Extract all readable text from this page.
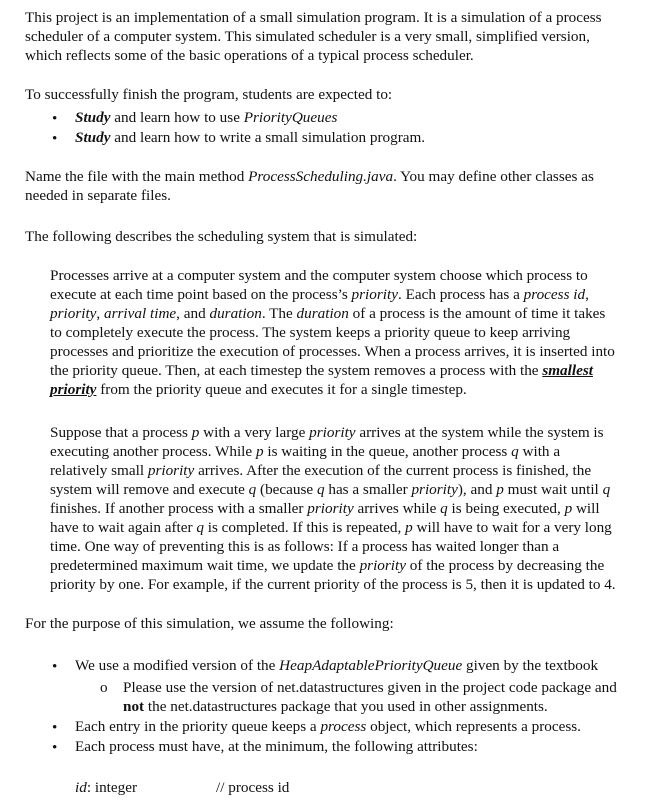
This project is an implementation of a small simulation program. It is a simulation of a process

scheduler of a computer system. This simulated scheduler is a very small, simplified version,

which reflects some of the basic operations of a typical process scheduler.

To successfully finish the program, students are expected to:

• Study and learn how to use PriorityQueues

• Study and learn how to write a small simulation program.

Name the file with the main method ProcessScheduling.java. You may define other classes as

needed in separate files.

The following describes the scheduling system that is simulated:

Processes arrive at a computer system and the computer system choose which process to

execute at each time point based on the process’s priority. Each process has a process id,

priority, arrival time, and duration. The duration of a process is the amount of time it takes

to completely execute the process. The system keeps a priority queue to keep arriving

processes and prioritize the execution of processes. When a process arrives, it is inserted into

the priority queue. Then, at each timestep the system removes a process with the smallest

priority from the priority queue and executes it for a single timestep.

Suppose that a process p with a very large priority arrives at the system while the system is

executing another process. While p is waiting in the queue, another process q with a

relatively small priority arrives. After the execution of the current process is finished, the

system will remove and execute q (because q has a smaller priority), and p must wait until q

finishes. If another process with a smaller priority arrives while q is being executed, p will

have to wait again after q is completed. If this is repeated, p will have to wait for a very long

time. One way of preventing this is as follows: If a process has waited longer than a

predetermined maximum wait time, we update the priority of the process by decreasing the

priority by one. For example, if the current priority of the process is 5, then it is updated to 4.

For the purpose of this simulation, we assume the following:

• We use a modified version of the HeapAdaptablePriorityQueue given by the textbook

o Please use the version of net.datastructures given in the project code package and

not the net.datastructures package that you used in other assignments.

• Each entry in the priority queue keeps a process object, which represents a process.

• Each process must have, at the minimum, the following attributes:

id: integer	// process id
